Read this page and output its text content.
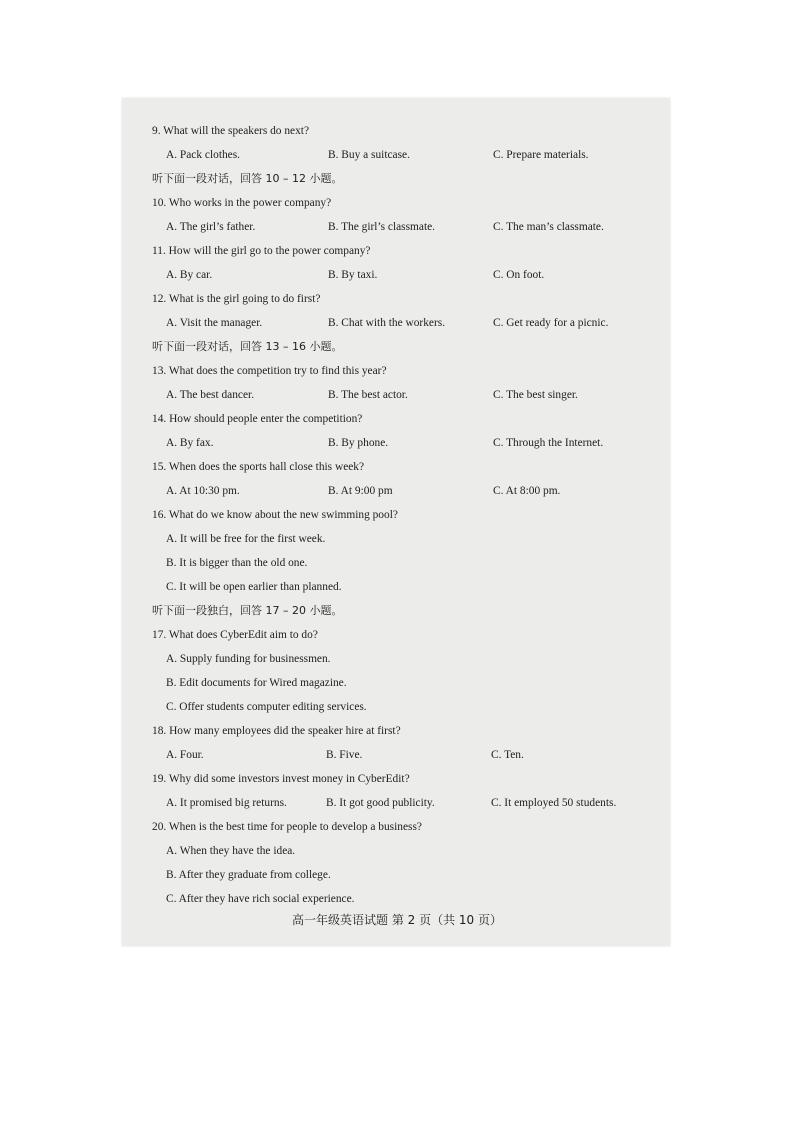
9. What will the speakers do next?
A. Pack clothes.	B. Buy a suitcase.	C. Prepare materials.
听下面一段对话，回答 10 – 12 小题。
10. Who works in the power company?
A. The girl’s father.	B. The girl’s classmate.	C. The man’s classmate.
11. How will the girl go to the power company?
A. By car.	B. By taxi.	C. On foot.
12. What is the girl going to do first?
A. Visit the manager.	B. Chat with the workers.	C. Get ready for a picnic.
听下面一段对话，回答 13 – 16 小题。
13. What does the competition try to find this year?
A. The best dancer.	B. The best actor.	C. The best singer.
14. How should people enter the competition?
A. By fax.	B. By phone.	C. Through the Internet.
15. When does the sports hall close this week?
A. At 10:30 pm.	B. At 9:00 pm	C. At 8:00 pm.
16. What do we know about the new swimming pool?
A. It will be free for the first week.
B. It is bigger than the old one.
C. It will be open earlier than planned.
听下面一段独白，回答 17 – 20 小题。
17. What does CyberEdit aim to do?
A. Supply funding for businessmen.
B. Edit documents for Wired magazine.
C. Offer students computer editing services.
18. How many employees did the speaker hire at first?
A. Four.	B. Five.	C. Ten.
19. Why did some investors invest money in CyberEdit?
A. It promised big returns.	B. It got good publicity.	C. It employed 50 students.
20. When is the best time for people to develop a business?
A. When they have the idea.
B. After they graduate from college.
C. After they have rich social experience.
高一年级英语试题 第 2 页（共 10 页）
